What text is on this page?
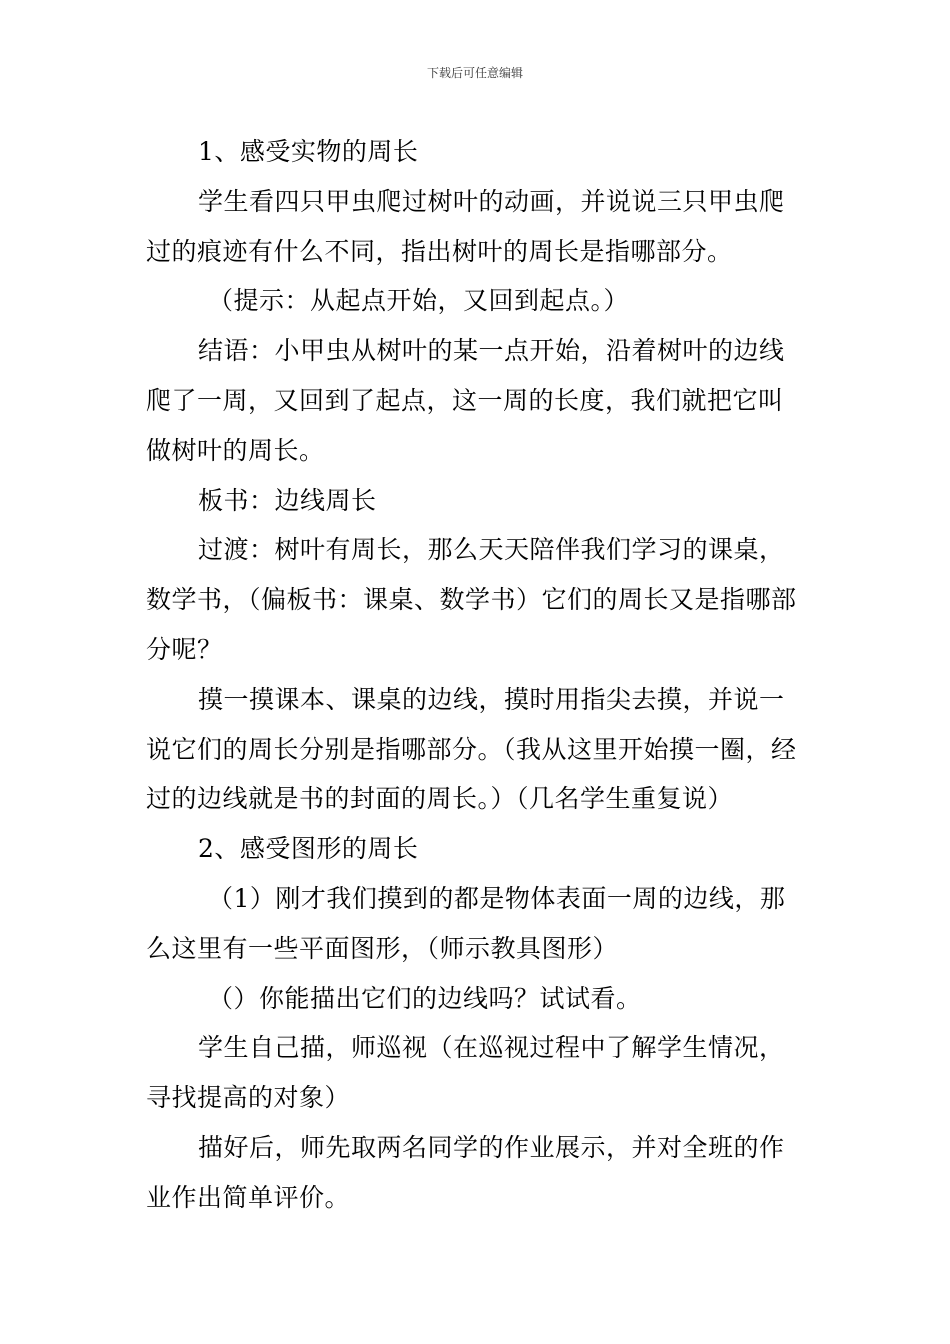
下载后可任意编辑

1、感受实物的周长

学生看四只甲虫爬过树叶的动画，并说说三只甲虫爬过的痕迹有什么不同，指出树叶的周长是指哪部分。

（提示：从起点开始，又回到起点。）

结语：小甲虫从树叶的某一点开始，沿着树叶的边线爬了一周，又回到了起点，这一周的长度，我们就把它叫做树叶的周长。

板书：边线周长

过渡：树叶有周长，那么天天陪伴我们学习的课桌，数学书，（偏板书：课桌、数学书）它们的周长又是指哪部分呢？

摸一摸课本、课桌的边线，摸时用指尖去摸，并说一说它们的周长分别是指哪部分。（我从这里开始摸一圈，经过的边线就是书的封面的周长。）（几名学生重复说）

2、感受图形的周长

（1）刚才我们摸到的都是物体表面一周的边线，那么这里有一些平面图形，（师示教具图形）

（）你能描出它们的边线吗？试试看。

学生自己描，师巡视（在巡视过程中了解学生情况，寻找提高的对象）

描好后，师先取两名同学的作业展示，并对全班的作业作出简单评价。
